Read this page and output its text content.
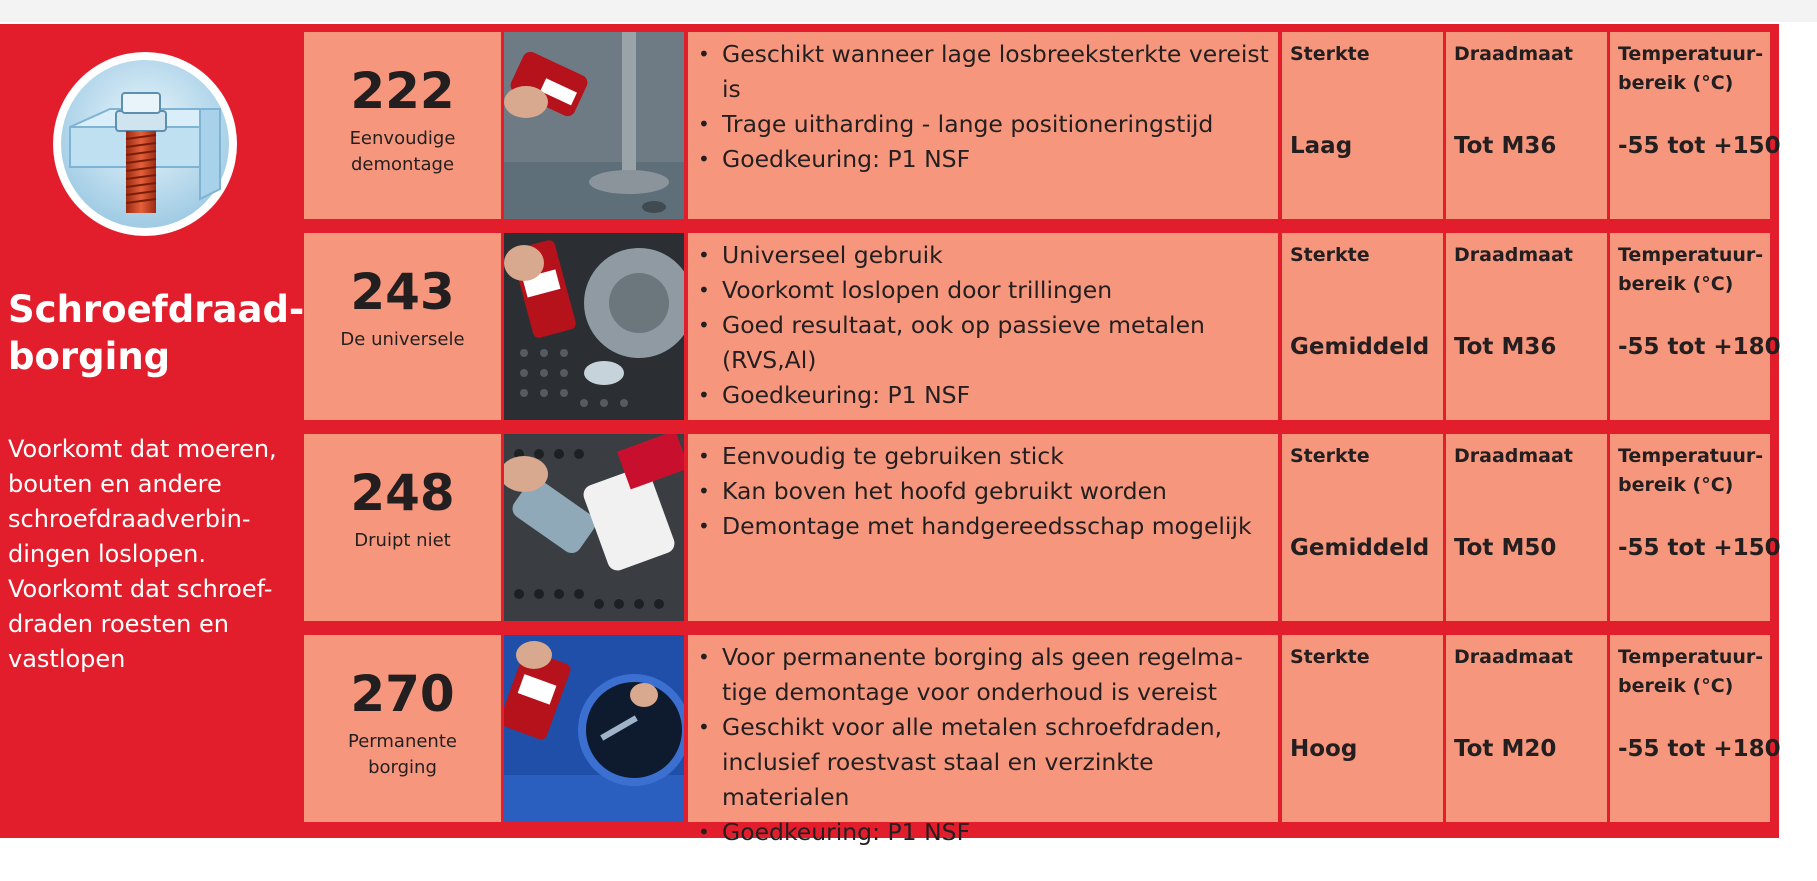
Schroefdraad-
borging
Voorkomt dat moeren,
bouten en andere
schroefdraadverbin-
dingen loslopen.
Voorkomt dat schroef-
draden roesten en
vastlopen
222
Eenvoudige
demontage
• Geschikt wanneer lage losbreeksterkte vereist is
• Trage uitharding - lange positioneringstijd
• Goedkeuring: P1 NSF
Sterkte
Laag
Draadmaat
Tot M36
Temperatuur-
bereik (°C)
-55 tot +150
243
De universele
• Universeel gebruik
• Voorkomt loslopen door trillingen
• Goed resultaat, ook op passieve metalen (RVS,Al)
• Goedkeuring: P1 NSF
Sterkte
Gemiddeld
Draadmaat
Tot M36
Temperatuur-
bereik (°C)
-55 tot +180
248
Druipt niet
• Eenvoudig te gebruiken stick
• Kan boven het hoofd gebruikt worden
• Demontage met handgereedsschap mogelijk
Sterkte
Gemiddeld
Draadmaat
Tot M50
Temperatuur-
bereik (°C)
-55 tot +150
270
Permanente
borging
• Voor permanente borging als geen regelma-tige demontage voor onderhoud is vereist
• Geschikt voor alle metalen schroefdraden, inclusief roestvast staal en verzinkte materialen
• Goedkeuring: P1 NSF
Sterkte
Hoog
Draadmaat
Tot M20
Temperatuur-
bereik (°C)
-55 tot +180
